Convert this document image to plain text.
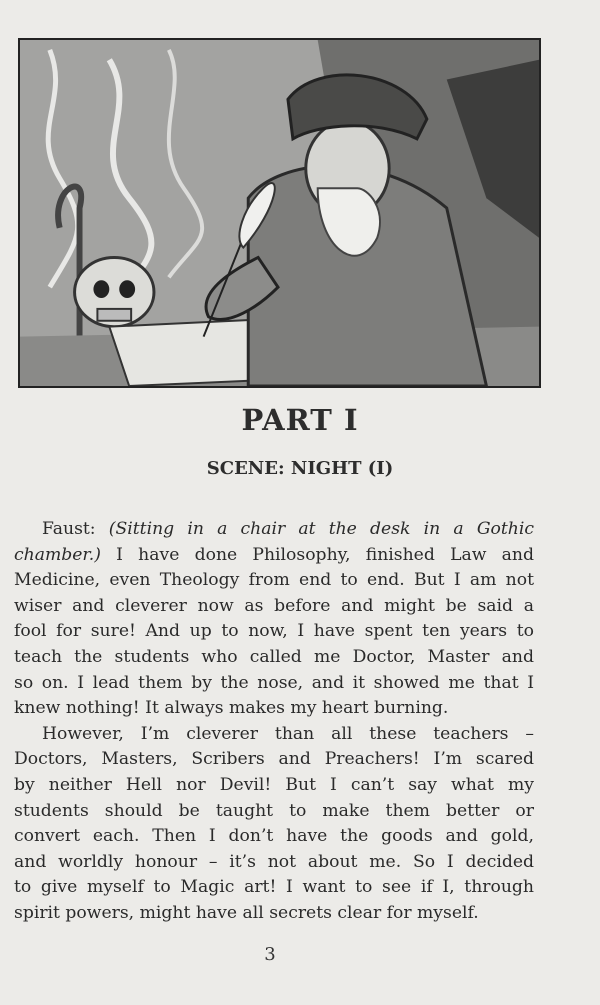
PART I
SCENE: NIGHT (I)
Faust: (Sitting in a chair at the desk in a Gothic
chamber.) I have done Philosophy, finished Law and
Medicine, even Theology from end to end. But I am not
wiser and cleverer now as before and might be said a
fool for sure! And up to now, I have spent ten years to
teach the students who called me Doctor, Master and
so on. I lead them by the nose, and it showed me that I
knew nothing! It always makes my heart burning.
However, I’m cleverer than all these teachers –
Doctors, Masters, Scribers and Preachers! I’m scared
by neither Hell nor Devil! But I can’t say what my
students should be taught to make them better or
convert each. Then I don’t have the goods and gold,
and worldly honour – it’s not about me. So I decided
to give myself to Magic art! I want to see if I, through
spirit powers, might have all secrets clear for myself.
3
